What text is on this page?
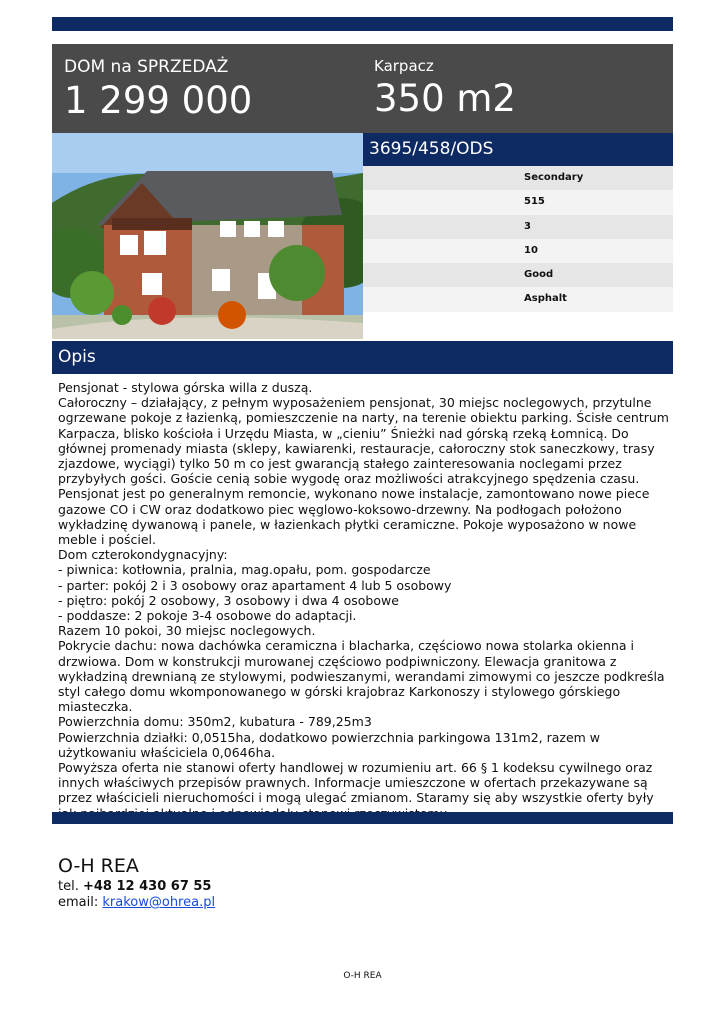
DOM na SPRZEDAŻ
1 299 000
Karpacz
350 m2
3695/458/ODS
Secondary
515
3
10
Good
Asphalt
Opis

Pensjonat - stylowa górska willa z duszą.
Całoroczny – działający, z pełnym wyposażeniem pensjonat, 30 miejsc noclegowych, przytulne ogrzewane pokoje z łazienką, pomieszczenie na narty, na terenie obiektu parking. Ścisłe centrum Karpacza, blisko kościoła i Urzędu Miasta, w „cieniu” Śnieżki nad górską rzeką Łomnicą. Do głównej promenady miasta (sklepy, kawiarenki, restauracje, całoroczny stok saneczkowy, trasy zjazdowe, wyciągi) tylko 50 m co jest gwarancją stałego zainteresowania noclegami przez przybyłych gości. Goście cenią sobie wygodę oraz możliwości atrakcyjnego spędzenia czasu. Pensjonat jest po generalnym remoncie, wykonano nowe instalacje, zamontowano nowe piece gazowe CO i CW oraz dodatkowo piec węglowo-koksowo-drzewny. Na podłogach położono wykładzinę dywanową i panele, w łazienkach płytki ceramiczne. Pokoje wyposażono w nowe meble i pościel.
Dom czterokondygnacyjny:
- piwnica: kotłownia, pralnia, mag.opału, pom. gospodarcze
- parter: pokój 2 i 3 osobowy oraz apartament 4 lub 5 osobowy
- piętro: pokój 2 osobowy, 3 osobowy i dwa 4 osobowe
- poddasze: 2 pokoje 3-4 osobowe do adaptacji.
Razem 10 pokoi, 30 miejsc noclegowych.
Pokrycie dachu: nowa dachówka ceramiczna i blacharka, częściowo nowa stolarka okienna i drzwiowa. Dom w konstrukcji murowanej częściowo podpiwniczony. Elewacja granitowa z wykładziną drewnianą ze stylowymi, podwieszanymi, werandami zimowymi co jeszcze podkreśla styl całego domu wkomponowanego w górski krajobraz Karkonoszy i stylowego górskiego miasteczka.
Powierzchnia domu: 350m2, kubatura - 789,25m3
Powierzchnia działki: 0,0515ha, dodatkowo powierzchnia parkingowa 131m2, razem w użytkowaniu właściciela 0,0646ha.
Powyższa oferta nie stanowi oferty handlowej w rozumieniu art. 66 § 1 kodeksu cywilnego oraz innych właściwych przepisów prawnych. Informacje umieszczone w ofertach przekazywane są przez właścicieli nieruchomości i mogą ulegać zmianom. Staramy się aby wszystkie oferty były

O-H REA
tel. +48 12 430 67 55
email: krakow@ohrea.pl
O-H REA
